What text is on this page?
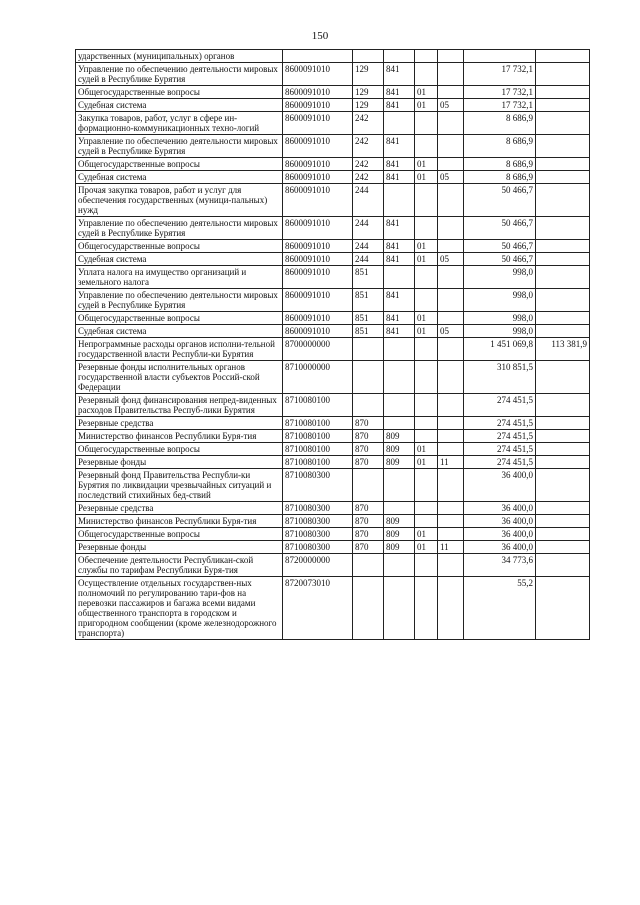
150
ударственных (муниципальных) органов							
Управление по обеспечению деятельности мировых судей в Республике Бурятия	8600091010	129	841			17 732,1	
Общегосударственные вопросы	8600091010	129	841	01		17 732,1	
Судебная система	8600091010	129	841	01	05	17 732,1	
Закупка товаров, работ, услуг в сфере ин-формационно-коммуникационных техно-логий	8600091010	242				8 686,9	
Управление по обеспечению деятельности мировых судей в Республике Бурятия	8600091010	242	841			8 686,9	
Общегосударственные вопросы	8600091010	242	841	01		8 686,9	
Судебная система	8600091010	242	841	01	05	8 686,9	
Прочая закупка товаров, работ и услуг для обеспечения государственных (муници-пальных) нужд	8600091010	244				50 466,7	
Управление по обеспечению деятельности мировых судей в Республике Бурятия	8600091010	244	841			50 466,7	
Общегосударственные вопросы	8600091010	244	841	01		50 466,7	
Судебная система	8600091010	244	841	01	05	50 466,7	
Уплата налога на имущество организаций и земельного налога	8600091010	851				998,0	
Управление по обеспечению деятельности мировых судей в Республике Бурятия	8600091010	851	841			998,0	
Общегосударственные вопросы	8600091010	851	841	01		998,0	
Судебная система	8600091010	851	841	01	05	998,0	
Непрограммные расходы органов исполни-тельной государственной власти Республи-ки Бурятия	8700000000					1 451 069,8	113 381,9
Резервные фонды исполнительных органов государственной власти субъектов Россий-ской Федерации	8710000000					310 851,5	
Резервный фонд финансирования непред-виденных расходов Правительства Респуб-лики Бурятия	8710080100					274 451,5	
Резервные средства	8710080100	870				274 451,5	
Министерство финансов Республики Буря-тия	8710080100	870	809			274 451,5	
Общегосударственные вопросы	8710080100	870	809	01		274 451,5	
Резервные фонды	8710080100	870	809	01	11	274 451,5	
Резервный фонд Правительства Республи-ки Бурятия по ликвидации чрезвычайных ситуаций и последствий стихийных бед-ствий	8710080300					36 400,0	
Резервные средства	8710080300	870				36 400,0	
Министерство финансов Республики Буря-тия	8710080300	870	809			36 400,0	
Общегосударственные вопросы	8710080300	870	809	01		36 400,0	
Резервные фонды	8710080300	870	809	01	11	36 400,0	
Обеспечение деятельности Республикан-ской службы по тарифам Республики Буря-тия	8720000000					34 773,6	
Осуществление отдельных государствен-ных полномочий по регулированию тари-фов на перевозки пассажиров и багажа всеми видами общественного транспорта в городском и пригородном сообщении (кроме железнодорожного транспорта)	8720073010					55,2	
